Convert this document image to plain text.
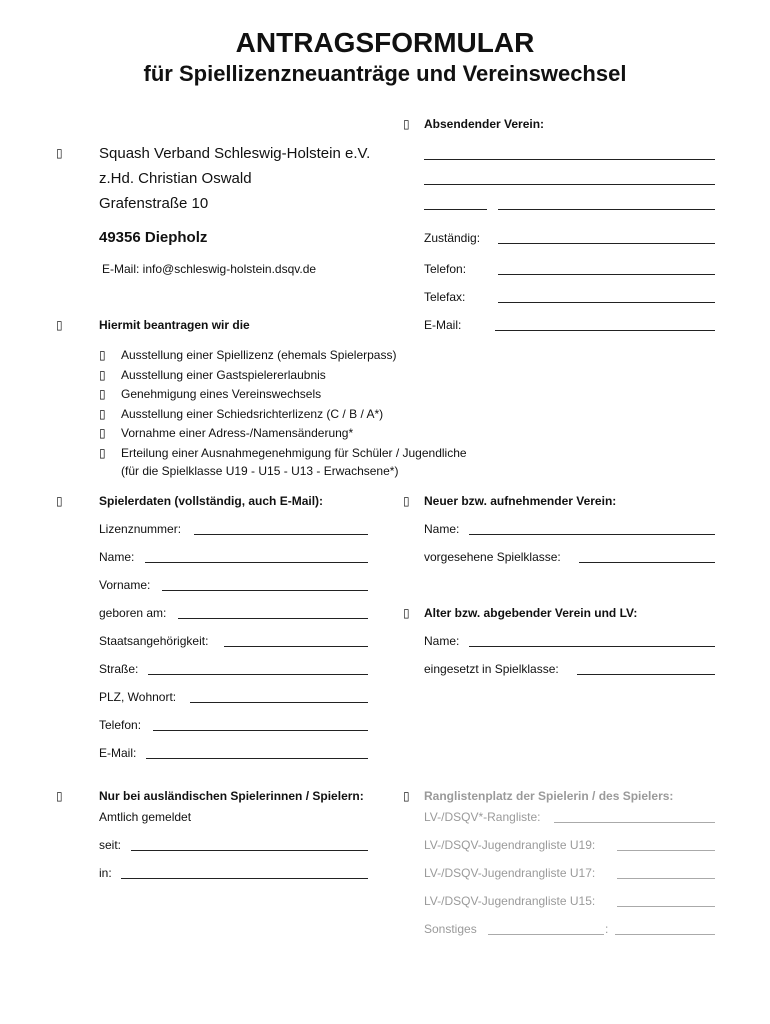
ANTRAGSFORMULAR
für Spiellizenzneuanträge und Vereinswechsel
▯
Absendender Verein:
Zuständig:
Telefon:
Telefax:
E-Mail:
▯
Squash Verband Schleswig-Holstein e.V.
z.Hd. Christian Oswald
Grafenstraße 10
49356 Diepholz
E-Mail: info@schleswig-holstein.dsqv.de
▯
Hiermit beantragen wir die
▯
Ausstellung einer Spiellizenz (ehemals Spielerpass)
▯
Ausstellung einer Gastspielererlaubnis
▯
Genehmigung eines Vereinswechsels
▯
Ausstellung einer Schiedsrichterlizenz (C / B / A*)
▯
Vornahme einer Adress-/Namensänderung*
▯
Erteilung einer Ausnahmegenehmigung für Schüler / Jugendliche
(für die Spielklasse U19 - U15 - U13 - Erwachsene*)
▯
Spielerdaten (vollständig, auch E-Mail):
Lizenznummer:
Name:
Vorname:
geboren am:
Staatsangehörigkeit:
Straße:
PLZ, Wohnort:
Telefon:
E-Mail:
▯
Neuer bzw. aufnehmender Verein:
Name:
vorgesehene Spielklasse:
▯
Alter bzw. abgebender Verein und LV:
Name:
eingesetzt in Spielklasse:
▯
Nur bei ausländischen Spielerinnen / Spielern:
Amtlich gemeldet
seit:
in:
▯
Ranglistenplatz der Spielerin / des Spielers:
LV-/DSQV*-Rangliste:
LV-/DSQV-Jugendrangliste U19:
LV-/DSQV-Jugendrangliste U17:
LV-/DSQV-Jugendrangliste U15:
Sonstiges	:
